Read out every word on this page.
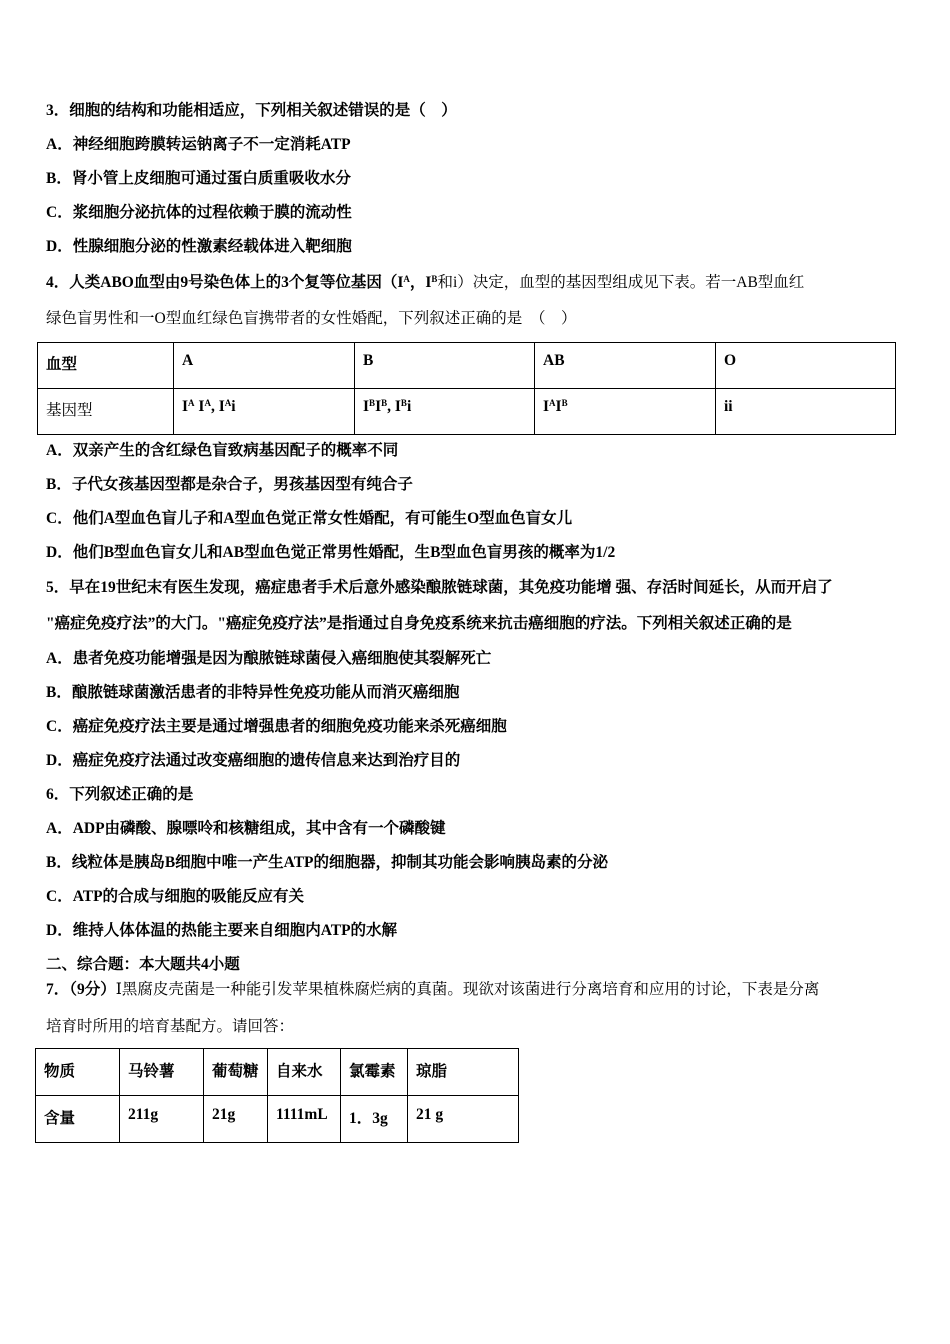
3．细胞的结构和功能相适应，下列相关叙述错误的是（　）
A．神经细胞跨膜转运钠离子不一定消耗ATP
B．肾小管上皮细胞可通过蛋白质重吸收水分
C．浆细胞分泌抗体的过程依赖于膜的流动性
D．性腺细胞分泌的性激素经载体进入靶细胞
4．人类ABO血型由9号染色体上的3个复等位基因（$I^A$，$I^B$和i）决定，血型的基因型组成见下表。若一AB型血红
绿色盲男性和一O型血红绿色盲携带者的女性婚配，下列叙述正确的是　（　）
血型	A	B	AB	O
基因型	$I^A$ $I^A$, $I^Ai$	$I^BI^B$, $I^Bi$	$I^AI^B$	ii
A．双亲产生的含红绿色盲致病基因配子的概率不同
B．子代女孩基因型都是杂合子，男孩基因型有纯合子
C．他们A型血色盲儿子和A型血色觉正常女性婚配，有可能生O型血色盲女儿
D．他们B型血色盲女儿和AB型血色觉正常男性婚配，生B型血色盲男孩的概率为1/2
5．早在19世纪末有医生发现，癌症患者手术后意外感染酿脓链球菌，其免疫功能增 强、存活时间延长，从而开启了
"癌症免疫疗法”的大门。"癌症免疫疗法”是指通过自身免疫系统来抗击癌细胞的疗法。下列相关叙述正确的是
A．患者免疫功能增强是因为酿脓链球菌侵入癌细胞使其裂解死亡
B．酿脓链球菌激活患者的非特异性免疫功能从而消灭癌细胞
C．癌症免疫疗法主要是通过增强患者的细胞免疫功能来杀死癌细胞
D．癌症免疫疗法通过改变癌细胞的遗传信息来达到治疗目的
6．下列叙述正确的是
A．ADP由磷酸、腺嘌呤和核糖组成，其中含有一个磷酸键
B．线粒体是胰岛B细胞中唯一产生ATP的细胞器，抑制其功能会影响胰岛素的分泌
C．ATP的合成与细胞的吸能反应有关
D．维持人体体温的热能主要来自细胞内ATP的水解
二、综合题：本大题共4小题
7．（9分）Ⅰ黑腐皮壳菌是一种能引发苹果植株腐烂病的真菌。现欲对该菌进行分离培育和应用的讨论，下表是分离
培育时所用的培育基配方。请回答：
物质	马铃薯	葡萄糖	自来水	氯霉素	琼脂
含量	211g	21g	1111mL	1．3g	21 g
